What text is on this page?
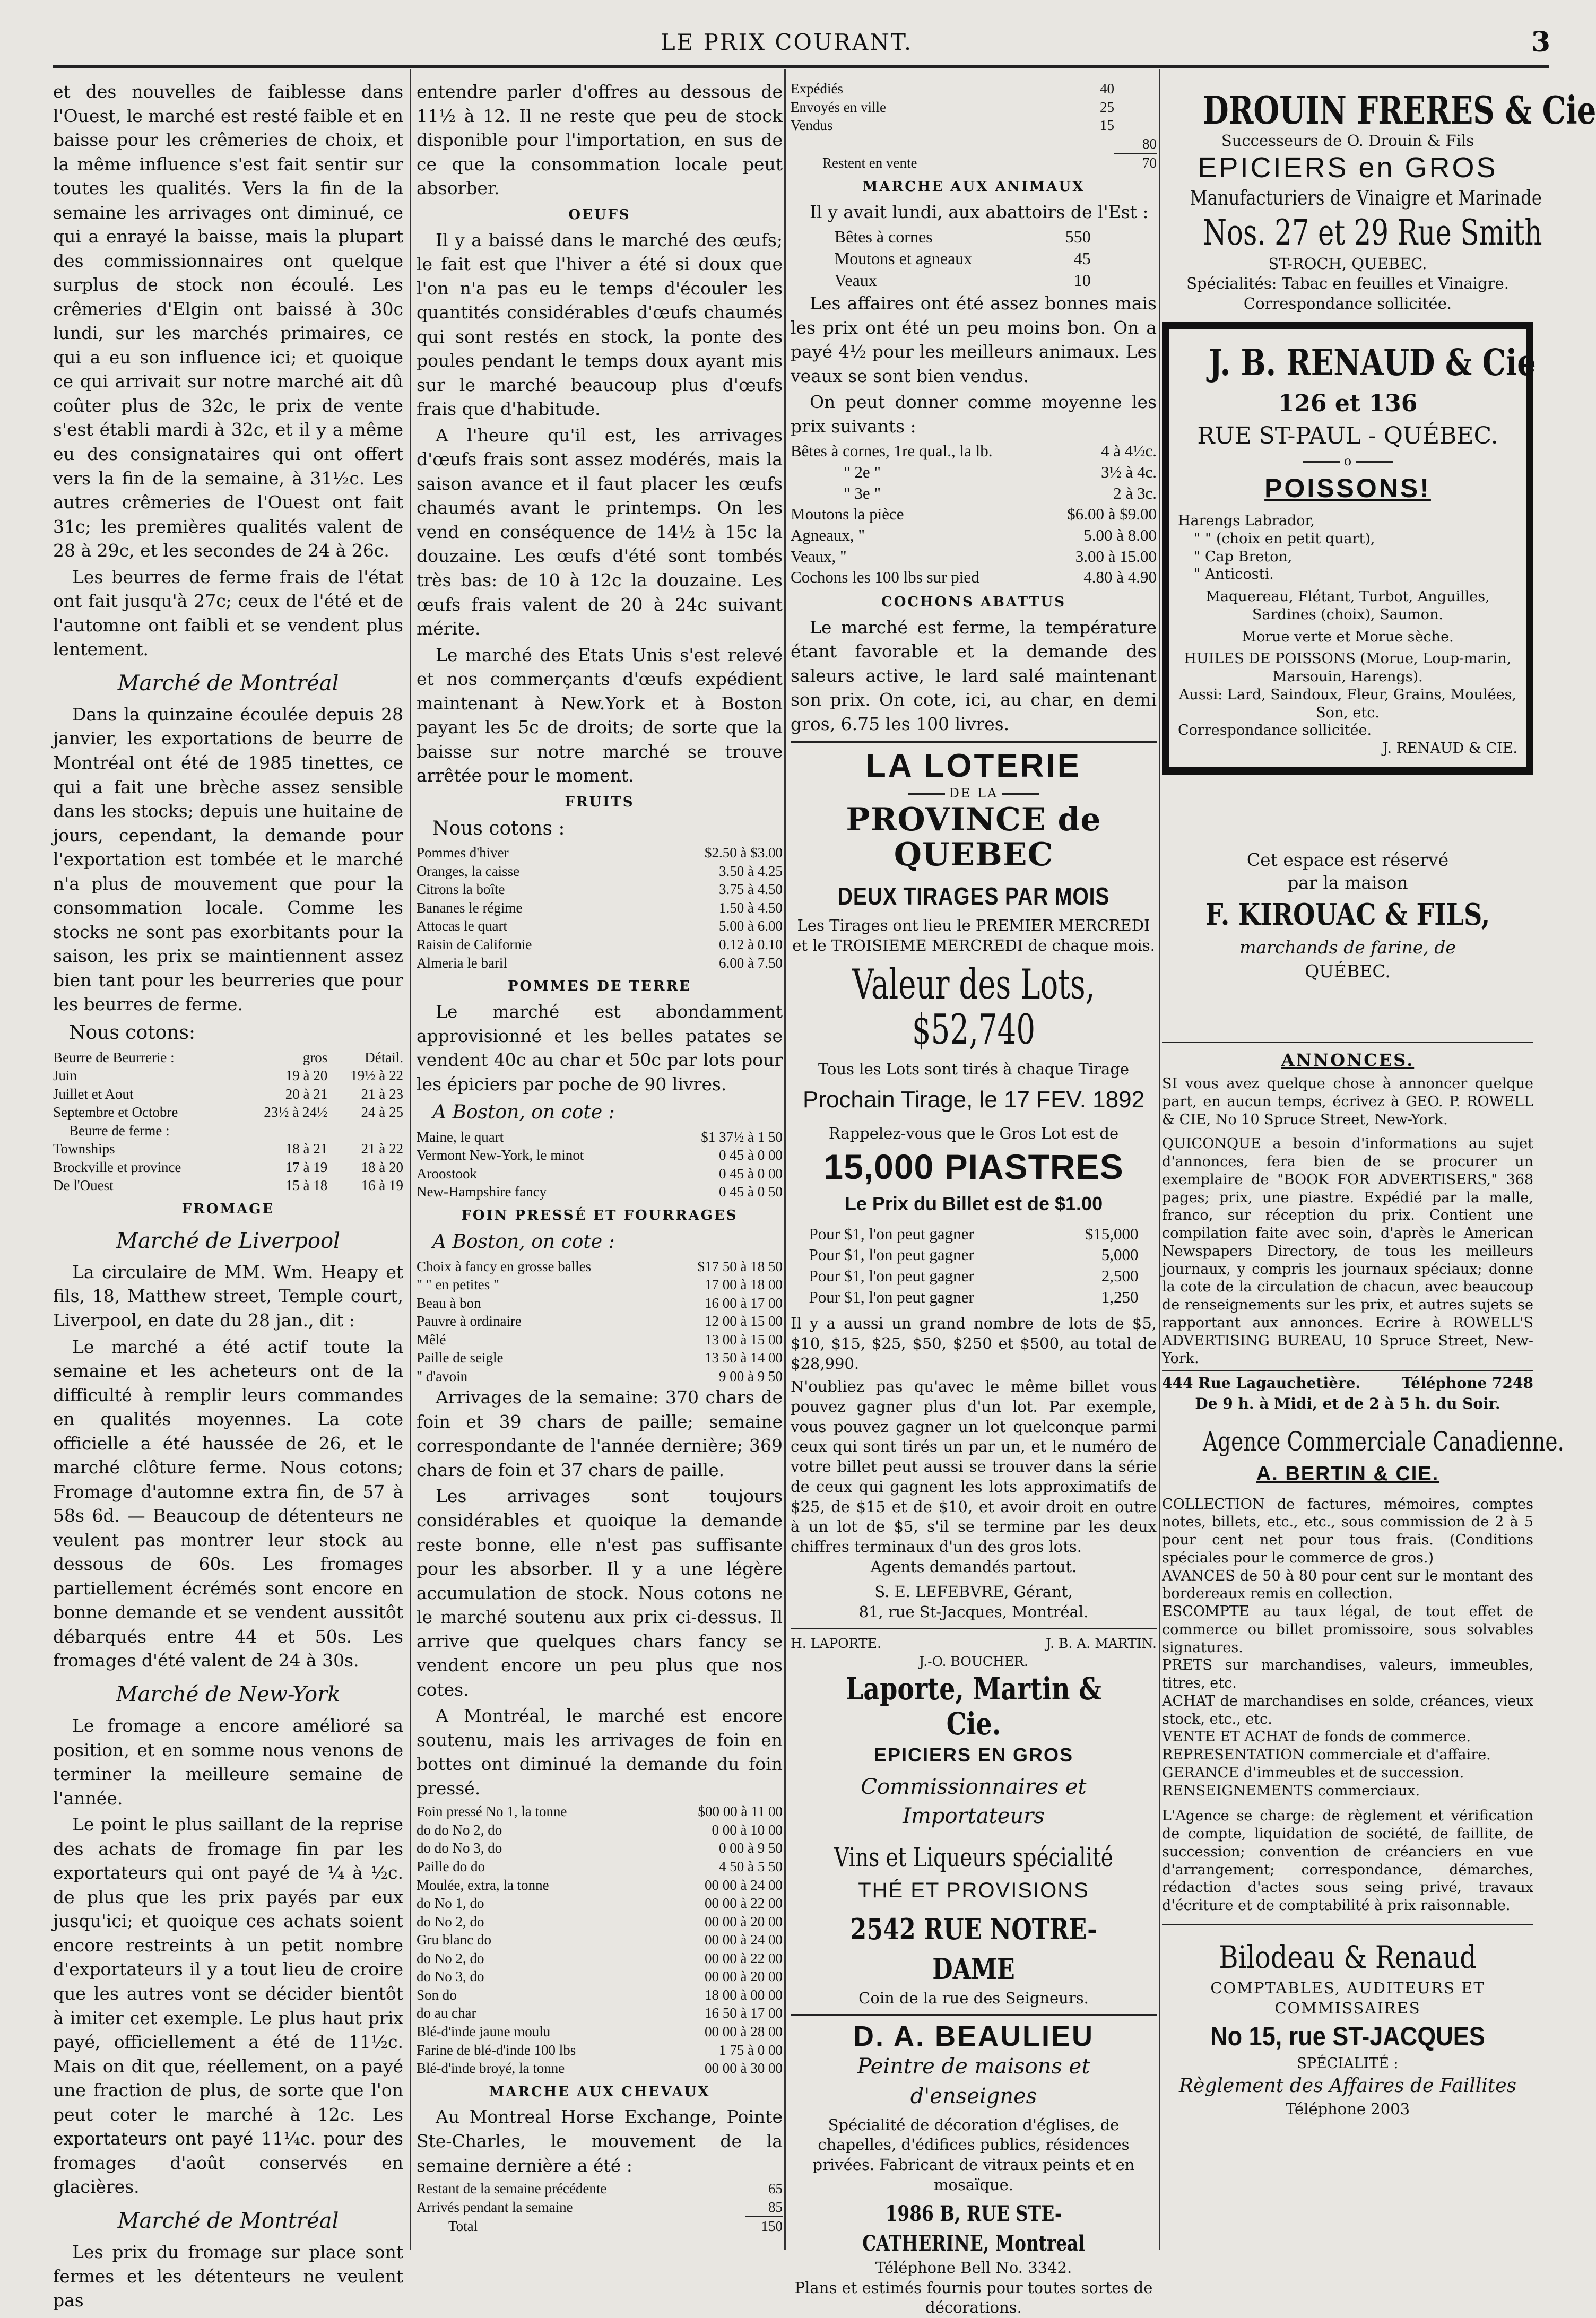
LE PRIX COURANT.	3

et des nouvelles de faiblesse dans l'Ouest, le marché est resté faible et en baisse pour les crêmeries de choix, et la même influence s'est fait sentir sur toutes les qualités. Vers la fin de la semaine les arrivages ont diminué, ce qui a enrayé la baisse, mais la plupart des commissionnaires ont quelque surplus de stock non écoulé. Les crêmeries d'Elgin ont baissé à 30c lundi, sur les marchés primaires, ce qui a eu son influence ici; et quoique ce qui arrivait sur notre marché ait dû coûter plus de 32c, le prix de vente s'est établi mardi à 32c, et il y a même eu des consignataires qui ont offert vers la fin de la semaine, à 31½c. Les autres crêmeries de l'Ouest ont fait 31c; les premières qualités valent de 28 à 29c, et les secondes de 24 à 26c.

Les beurres de ferme frais de l'état ont fait jusqu'à 27c; ceux de l'été et de l'automne ont faibli et se vendent plus lentement.

Marché de Montréal

Dans la quinzaine écoulée depuis 28 janvier, les exportations de beurre de Montréal ont été de 1985 tinettes, ce qui a fait une brèche assez sensible dans les stocks; depuis une huitaine de jours, cependant, la demande pour l'exportation est tombée et le marché n'a plus de mouvement que pour la consommation locale. Comme les stocks ne sont pas exorbitants pour la saison, les prix se maintiennent assez bien tant pour les beurreries que pour les beurres de ferme.

Nous cotons:
Beurre de Beurrerie :	gros	Détail.
Juin	19 à 20	19½ à 22
Juillet et Aout	20 à 21	21 à 23
Septembre et Octobre	23½ à 24½	24 à 25
Beurre de ferme :		
Townships	18 à 21	21 à 22
Brockville et province	17 à 19	18 à 20
De l'Ouest	15 à 18	16 à 19
FROMAGE
Marché de Liverpool

La circulaire de MM. Wm. Heapy et fils, 18, Matthew street, Temple court, Liverpool, en date du 28 jan., dit :

Le marché a été actif toute la semaine et les acheteurs ont de la difficulté à remplir leurs commandes en qualités moyennes. La cote officielle a été haussée de 26, et le marché clôture ferme. Nous cotons; Fromage d'automne extra fin, de 57 à 58s 6d. — Beaucoup de détenteurs ne veulent pas montrer leur stock au dessous de 60s. Les fromages partiellement écrémés sont encore en bonne demande et se vendent aussitôt débarqués entre 44 et 50s. Les fromages d'été valent de 24 à 30s.

Marché de New-York

Le fromage a encore amélioré sa position, et en somme nous venons de terminer la meilleure semaine de l'année.

Le point le plus saillant de la reprise des achats de fromage fin par les exportateurs qui ont payé de ¼ à ½c. de plus que les prix payés par eux jusqu'ici; et quoique ces achats soient encore restreints à un petit nombre d'exportateurs il y a tout lieu de croire que les autres vont se décider bientôt à imiter cet exemple. Le plus haut prix payé, officiellement a été de 11½c. Mais on dit que, réellement, on a payé une fraction de plus, de sorte que l'on peut coter le marché à 12c. Les exportateurs ont payé 11¼c. pour des fromages d'août conservés en glacières.

Marché de Montréal

Les prix du fromage sur place sont fermes et les détenteurs ne veulent pas

entendre parler d'offres au dessous de 11½ à 12. Il ne reste que peu de stock disponible pour l'importation, en sus de ce que la consommation locale peut absorber.

OEUFS

Il y a baissé dans le marché des œufs; le fait est que l'hiver a été si doux que l'on n'a pas eu le temps d'écouler les quantités considérables d'œufs chaumés qui sont restés en stock, la ponte des poules pendant le temps doux ayant mis sur le marché beaucoup plus d'œufs frais que d'habitude.

A l'heure qu'il est, les arrivages d'œufs frais sont assez modérés, mais la saison avance et il faut placer les œufs chaumés avant le printemps. On les vend en conséquence de 14½ à 15c la douzaine. Les œufs d'été sont tombés très bas: de 10 à 12c la douzaine. Les œufs frais valent de 20 à 24c suivant mérite.

Le marché des Etats Unis s'est relevé et nos commerçants d'œufs expédient maintenant à New.York et à Boston payant les 5c de droits; de sorte que la baisse sur notre marché se trouve arrêtée pour le moment.

FRUITS
Nous cotons :
Pommes d'hiver	$2.50 à $3.00
Oranges, la caisse	3.50 à 4.25
Citrons la boîte	3.75 à 4.50
Bananes le régime	1.50 à 4.50
Attocas le quart	5.00 à 6.00
Raisin de Californie	0.12 à 0.10
Almeria le baril	6.00 à 7.50
POMMES DE TERRE

Le marché est abondamment approvisionné et les belles patates se vendent 40c au char et 50c par lots pour les épiciers par poche de 90 livres.

A Boston, on cote :
Maine, le quart	$1 37½ à 1 50
Vermont New-York, le minot	0 45 à 0 00
Aroostook	0 45 à 0 00
New-Hampshire fancy	0 45 à 0 50
FOIN PRESSÉ ET FOURRAGES
A Boston, on cote :
Choix à fancy en grosse balles	$17 50 à 18 50
" " en petites "	17 00 à 18 00
Beau à bon	16 00 à 17 00
Pauvre à ordinaire	12 00 à 15 00
Mêlé	13 00 à 15 00
Paille de seigle	13 50 à 14 00
" d'avoin	9 00 à 9 50

Arrivages de la semaine: 370 chars de foin et 39 chars de paille; semaine correspondante de l'année dernière; 369 chars de foin et 37 chars de paille.

Les arrivages sont toujours considérables et quoique la demande reste bonne, elle n'est pas suffisante pour les absorber. Il y a une légère accumulation de stock. Nous cotons ne le marché soutenu aux prix ci-dessus. Il arrive que quelques chars fancy se vendent encore un peu plus que nos cotes.

A Montréal, le marché est encore soutenu, mais les arrivages de foin en bottes ont diminué la demande du foin pressé.

Foin pressé No 1, la tonne	$00 00 à 11 00
do do No 2, do	0 00 à 10 00
do do No 3, do	0 00 à 9 50
Paille do do	4 50 à 5 50
Moulée, extra, la tonne	00 00 à 24 00
do No 1, do	00 00 à 22 00
do No 2, do	00 00 à 20 00
Gru blanc do	00 00 à 24 00
do No 2, do	00 00 à 22 00
do No 3, do	00 00 à 20 00
Son do	18 00 à 00 00
do au char	16 50 à 17 00
Blé-d'inde jaune moulu	00 00 à 28 00
Farine de blé-d'inde 100 lbs	1 75 à 0 00
Blé-d'inde broyé, la tonne	00 00 à 30 00
MARCHE AUX CHEVAUX

Au Montreal Horse Exchange, Pointe Ste-Charles, le mouvement de la semaine dernière a été :

Restant de la semaine précédente	65
Arrivés pendant la semaine	85
Total	150
Expédiés	40	
Envoyés en ville	25	
Vendus	15	
		80
Restent en vente		70
MARCHE AUX ANIMAUX

Il y avait lundi, aux abattoirs de l'Est :

Bêtes à cornes	550
Moutons et agneaux	45
Veaux	10

Les affaires ont été assez bonnes mais les prix ont été un peu moins bon. On a payé 4½ pour les meilleurs animaux. Les veaux se sont bien vendus.

On peut donner comme moyenne les prix suivants :

Bêtes à cornes, 1re qual., la lb.	4 à 4½c.
" 2e "	3½ à 4c.
" 3e "	2 à 3c.
Moutons la pièce	$6.00 à $9.00
Agneaux, "	5.00 à 8.00
Veaux, "	3.00 à 15.00
Cochons les 100 lbs sur pied	4.80 à 4.90
COCHONS ABATTUS

Le marché est ferme, la température étant favorable et la demande des saleurs active, le lard salé maintenant son prix. On cote, ici, au char, en demi gros, 6.75 les 100 livres.

LA LOTERIE
DE LA
PROVINCE de QUEBEC
DEUX TIRAGES PAR MOIS
Les Tirages ont lieu le PREMIER MERCREDI et le TROISIEME MERCREDI de chaque mois.
Valeur des Lots, $52,740
Tous les Lots sont tirés à chaque Tirage
Prochain Tirage, le 17 FEV. 1892
Rappelez-vous que le Gros Lot est de
15,000 PIASTRES
Le Prix du Billet est de $1.00
Pour $1, l'on peut gagner	$15,000
Pour $1, l'on peut gagner	5,000
Pour $1, l'on peut gagner	2,500
Pour $1, l'on peut gagner	1,250
Il y a aussi un grand nombre de lots de $5, $10, $15, $25, $50, $250 et $500, au total de $28,990.
N'oubliez pas qu'avec le même billet vous pouvez gagner plus d'un lot. Par exemple, vous pouvez gagner un lot quelconque parmi ceux qui sont tirés un par un, et le numéro de votre billet peut aussi se trouver dans la série de ceux qui gagnent les lots approximatifs de $25, de $15 et de $10, et avoir droit en outre à un lot de $5, s'il se termine par les deux chiffres terminaux d'un des gros lots.
Agents demandés partout.
S. E. LEFEBVRE, Gérant,
81, rue St-Jacques, Montréal.
H. LAPORTE.	J. B. A. MARTIN.
J.-O. BOUCHER.
Laporte, Martin & Cie.
EPICIERS EN GROS
Commissionnaires et Importateurs
Vins et Liqueurs spécialité
THÉ ET PROVISIONS
2542 RUE NOTRE-DAME
Coin de la rue des Seigneurs.
D. A. BEAULIEU
Peintre de maisons et d'enseignes
Spécialité de décoration d'églises, de chapelles, d'édifices publics, résidences privées. Fabricant de vitraux peints et en mosaïque.
1986 B, RUE STE-CATHERINE, Montreal
Téléphone Bell No. 3342.
Plans et estimés fournis pour toutes sortes de décorations.
DROUIN FRERES & Cie
Successeurs de O. Drouin & Fils
EPICIERS en GROS
Manufacturiers de Vinaigre et Marinade
Nos. 27 et 29 Rue Smith
ST-ROCH, QUEBEC.
Spécialités: Tabac en feuilles et Vinaigre.
Correspondance sollicitée.
J. B. RENAUD & Cie
126 et 136
RUE ST-PAUL - QUÉBEC.
o
POISSONS!
Harengs Labrador,
" " (choix en petit quart),
" Cap Breton,
" Anticosti.
Maquereau, Flétant, Turbot, Anguilles, Sardines (choix), Saumon.
Morue verte et Morue sèche.
HUILES DE POISSONS (Morue, Loup-marin, Marsouin, Harengs).
Aussi: Lard, Saindoux, Fleur, Grains, Moulées, Son, etc.
Correspondance sollicitée.
J. RENAUD & CIE.
Cet espace est réservé
par la maison
F. KIROUAC & FILS,
marchands de farine, de
QUÉBEC.
ANNONCES.
SI vous avez quelque chose à annoncer quelque part, en aucun temps, écrivez à GEO. P. ROWELL & CIE, No 10 Spruce Street, New-York.
QUICONQUE a besoin d'informations au sujet d'annonces, fera bien de se procurer un exemplaire de "BOOK FOR ADVERTISERS," 368 pages; prix, une piastre. Expédié par la malle, franco, sur réception du prix. Contient une compilation faite avec soin, d'après le American Newspapers Directory, de tous les meilleurs journaux, y compris les journaux spéciaux; donne la cote de la circulation de chacun, avec beaucoup de renseignements sur les prix, et autres sujets se rapportant aux annonces. Ecrire à ROWELL'S ADVERTISING BUREAU, 10 Spruce Street, New-York.
444 Rue Lagauchetière.	Téléphone 7248
De 9 h. à Midi, et de 2 à 5 h. du Soir.
Agence Commerciale Canadienne.
A. BERTIN & CIE.
COLLECTION de factures, mémoires, comptes notes, billets, etc., etc., sous commission de 2 à 5 pour cent net pour tous frais. (Conditions spéciales pour le commerce de gros.)
AVANCES de 50 à 80 pour cent sur le montant des bordereaux remis en collection.
ESCOMPTE au taux légal, de tout effet de commerce ou billet promissoire, sous solvables signatures.
PRETS sur marchandises, valeurs, immeubles, titres, etc.
ACHAT de marchandises en solde, créances, vieux stock, etc., etc.
VENTE ET ACHAT de fonds de commerce.
REPRESENTATION commerciale et d'affaire.
GERANCE d'immeubles et de succession.
RENSEIGNEMENTS commerciaux.
L'Agence se charge: de règlement et vérification de compte, liquidation de société, de faillite, de succession; convention de créanciers en vue d'arrangement; correspondance, démarches, rédaction d'actes sous seing privé, travaux d'écriture et de comptabilité à prix raisonnable.
Bilodeau & Renaud
COMPTABLES, AUDITEURS ET
COMMISSAIRES
No 15, rue ST-JACQUES
SPÉCIALITÉ :
Règlement des Affaires de Faillites
Téléphone 2003
